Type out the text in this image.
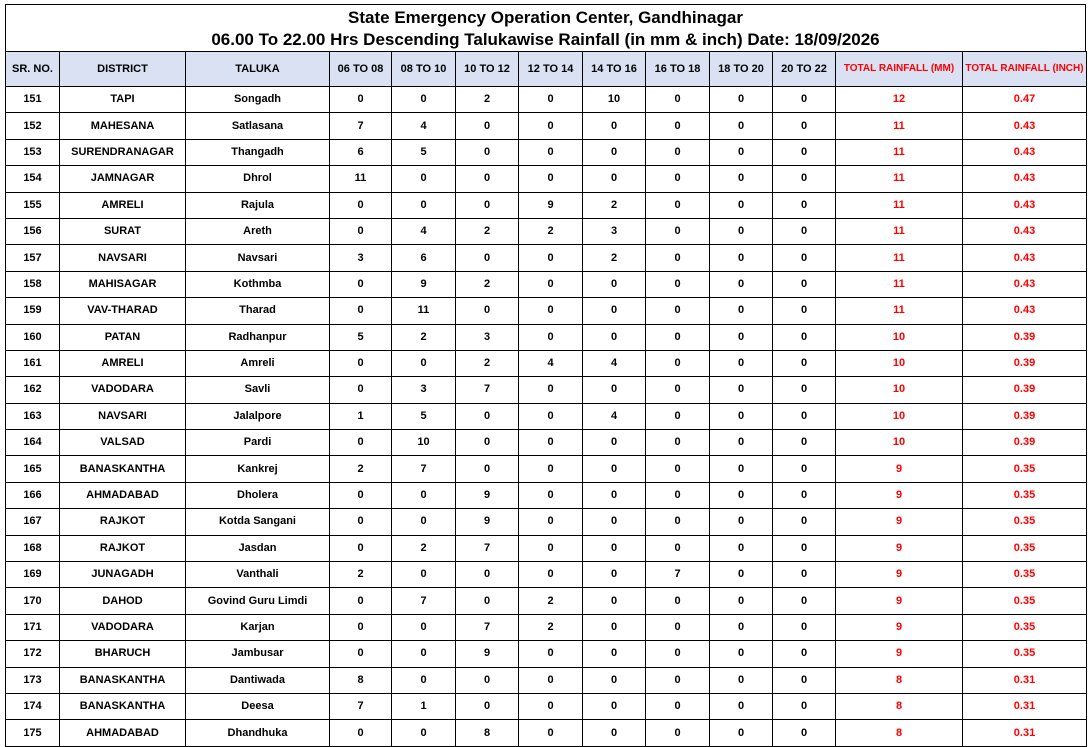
State Emergency Operation Center, Gandhinagar
06.00 To 22.00 Hrs Descending Talukawise Rainfall (in mm & inch) Date: 18/09/2026
SR. NO.	DISTRICT	TALUKA	06 TO 08	08 TO 10	10 TO 12	12 TO 14	14 TO 16	16 TO 18	18 TO 20	20 TO 22	TOTAL RAINFALL (MM)	TOTAL RAINFALL (INCH)
151	TAPI	Songadh	0	0	2	0	10	0	0	0	12	0.47
152	MAHESANA	Satlasana	7	4	0	0	0	0	0	0	11	0.43
153	SURENDRANAGAR	Thangadh	6	5	0	0	0	0	0	0	11	0.43
154	JAMNAGAR	Dhrol	11	0	0	0	0	0	0	0	11	0.43
155	AMRELI	Rajula	0	0	0	9	2	0	0	0	11	0.43
156	SURAT	Areth	0	4	2	2	3	0	0	0	11	0.43
157	NAVSARI	Navsari	3	6	0	0	2	0	0	0	11	0.43
158	MAHISAGAR	Kothmba	0	9	2	0	0	0	0	0	11	0.43
159	VAV-THARAD	Tharad	0	11	0	0	0	0	0	0	11	0.43
160	PATAN	Radhanpur	5	2	3	0	0	0	0	0	10	0.39
161	AMRELI	Amreli	0	0	2	4	4	0	0	0	10	0.39
162	VADODARA	Savli	0	3	7	0	0	0	0	0	10	0.39
163	NAVSARI	Jalalpore	1	5	0	0	4	0	0	0	10	0.39
164	VALSAD	Pardi	0	10	0	0	0	0	0	0	10	0.39
165	BANASKANTHA	Kankrej	2	7	0	0	0	0	0	0	9	0.35
166	AHMADABAD	Dholera	0	0	9	0	0	0	0	0	9	0.35
167	RAJKOT	Kotda Sangani	0	0	9	0	0	0	0	0	9	0.35
168	RAJKOT	Jasdan	0	2	7	0	0	0	0	0	9	0.35
169	JUNAGADH	Vanthali	2	0	0	0	0	7	0	0	9	0.35
170	DAHOD	Govind Guru Limdi	0	7	0	2	0	0	0	0	9	0.35
171	VADODARA	Karjan	0	0	7	2	0	0	0	0	9	0.35
172	BHARUCH	Jambusar	0	0	9	0	0	0	0	0	9	0.35
173	BANASKANTHA	Dantiwada	8	0	0	0	0	0	0	0	8	0.31
174	BANASKANTHA	Deesa	7	1	0	0	0	0	0	0	8	0.31
175	AHMADABAD	Dhandhuka	0	0	8	0	0	0	0	0	8	0.31
